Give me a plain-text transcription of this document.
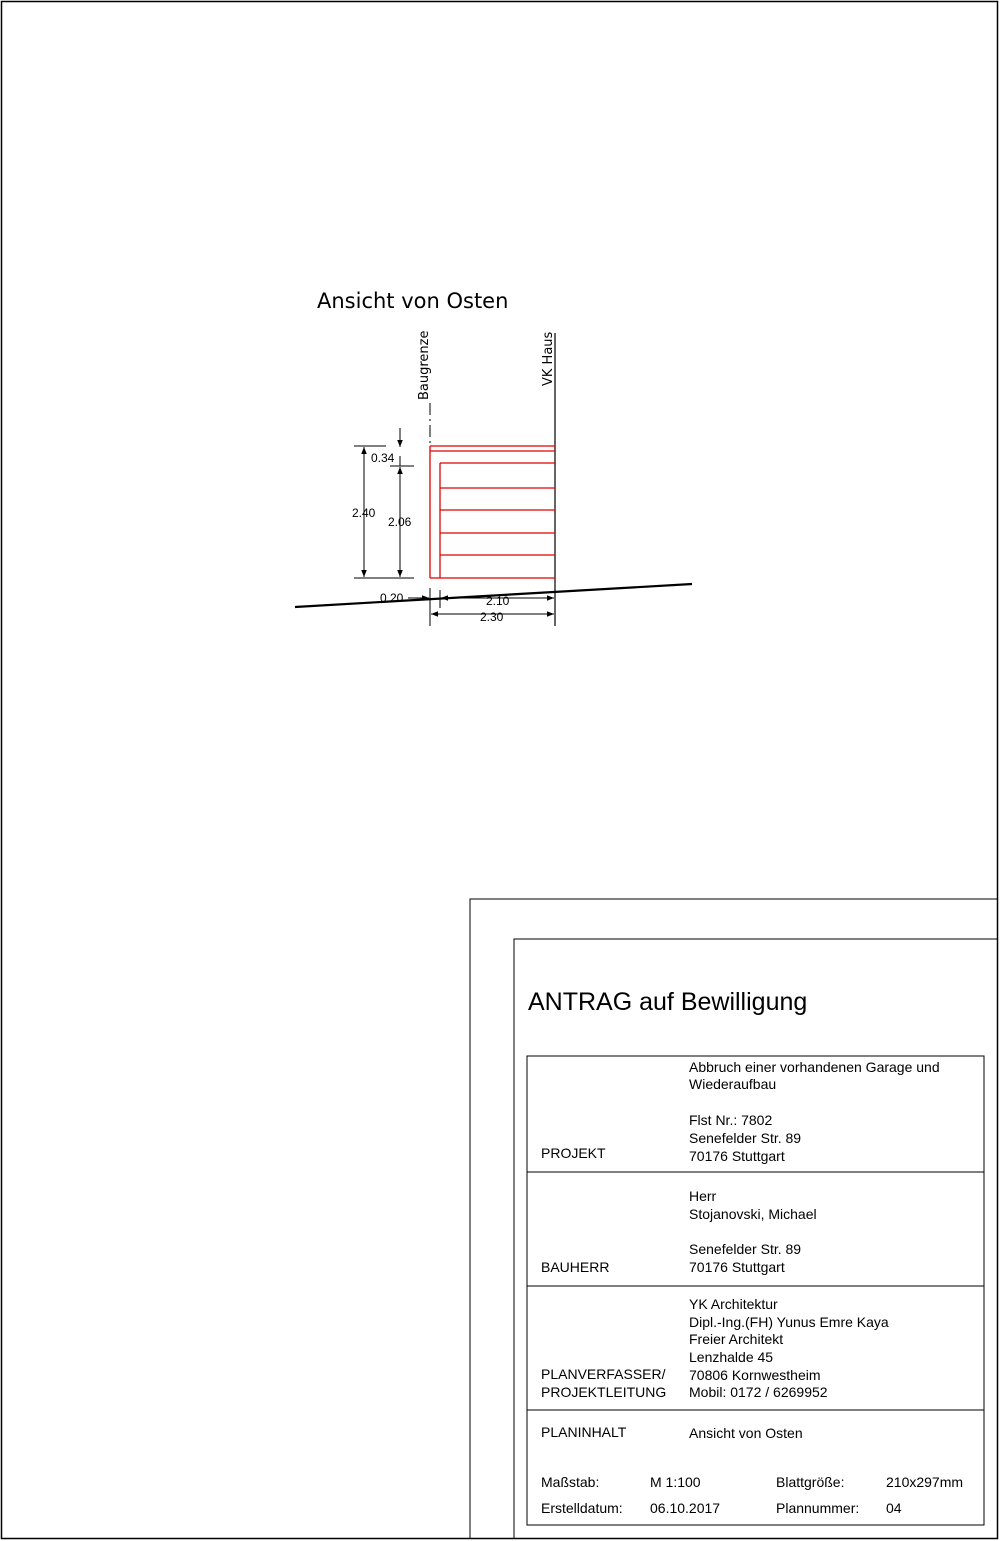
Ansicht von Osten
Baugrenze	VK Haus
0.34
2.40
2.06
0.20	2.10
2.30
ANTRAG auf Bewilligung
PROJEKT
Abbruch einer vorhandenen Garage und
Wiederaufbau
Flst Nr.: 7802
Senefelder Str. 89
70176 Stuttgart
BAUHERR
Herr
Stojanovski, Michael
Senefelder Str. 89
70176 Stuttgart
PLANVERFASSER/
PROJEKTLEITUNG
YK Architektur
Dipl.-Ing.(FH) Yunus Emre Kaya
Freier Architekt
Lenzhalde 45
70806 Kornwestheim
Mobil: 0172 / 6269952
PLANINHALT	Ansicht von Osten
Maßstab:	M 1:100	Blattgröße:	210x297mm
Erstelldatum: 06.10.2017	Plannummer: 04
